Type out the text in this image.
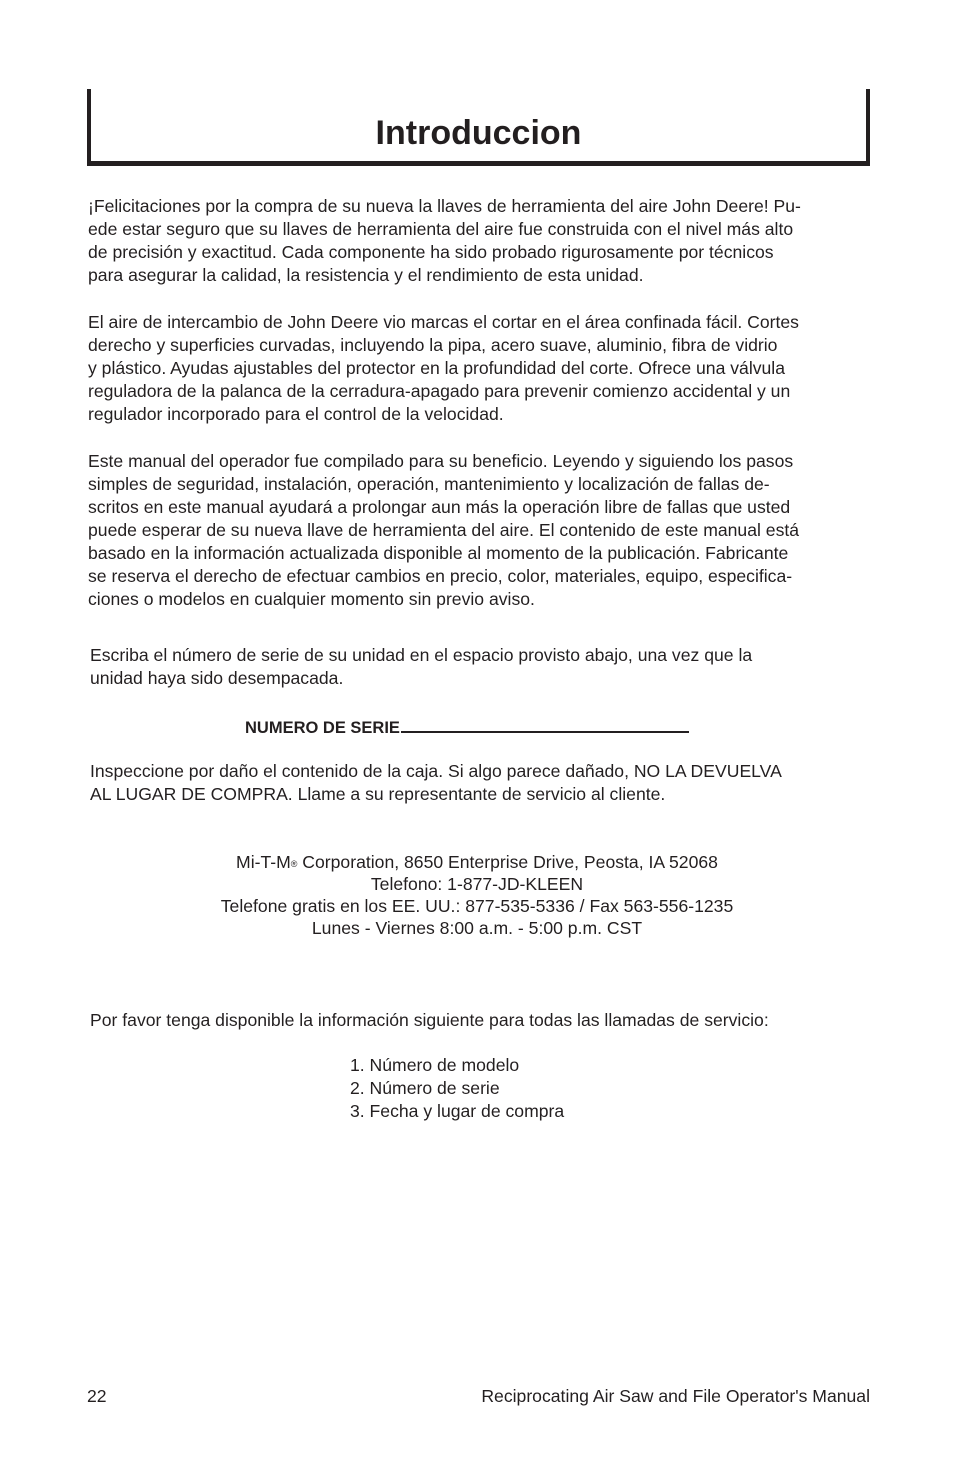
Introduccion

¡Felicitaciones por la compra de su nueva la llaves de herramienta del aire John Deere! Pu-
ede estar seguro que su llaves de herramienta del aire fue construida con el nivel más alto
de precisión y exactitud. Cada componente ha sido probado rigurosamente por técnicos
para asegurar la calidad, la resistencia y el rendimiento de esta unidad.

El aire de intercambio de John Deere vio marcas el cortar en el área confinada fácil. Cortes
derecho y superficies curvadas, incluyendo la pipa, acero suave, aluminio, fibra de vidrio
y plástico. Ayudas ajustables del protector en la profundidad del corte. Ofrece una válvula
reguladora de la palanca de la cerradura-apagado para prevenir comienzo accidental y un
regulador incorporado para el control de la velocidad.

Este manual del operador fue compilado para su beneficio. Leyendo y siguiendo los pasos
simples de seguridad, instalación, operación, mantenimiento y localización de fallas de-
scritos en este manual ayudará a prolongar aun más la operación libre de fallas que usted
puede esperar de su nueva llave de herramienta del aire. El contenido de este manual está
basado en la información actualizada disponible al momento de la publicación. Fabricante
se reserva el derecho de efectuar cambios en precio, color, materiales, equipo, especifica-
ciones o modelos en cualquier momento sin previo aviso.

Escriba el número de serie de su unidad en el espacio provisto abajo, una vez que la
unidad haya sido desempacada.

NUMERO DE SERIE

Inspeccione por daño el contenido de la caja. Si algo parece dañado, NO LA DEVUELVA
AL LUGAR DE COMPRA. Llame a su representante de servicio al cliente.

Mi-T-M® Corporation, 8650 Enterprise Drive, Peosta, IA 52068
Telefono: 1-877-JD-KLEEN
Telefone gratis en los EE. UU.: 877-535-5336 / Fax 563-556-1235
Lunes - Viernes 8:00 a.m. - 5:00 p.m. CST

Por favor tenga disponible la información siguiente para todas las llamadas de servicio:

1. Número de modelo
2. Número de serie
3. Fecha y lugar de compra
22	Reciprocating Air Saw and File Operator's Manual
